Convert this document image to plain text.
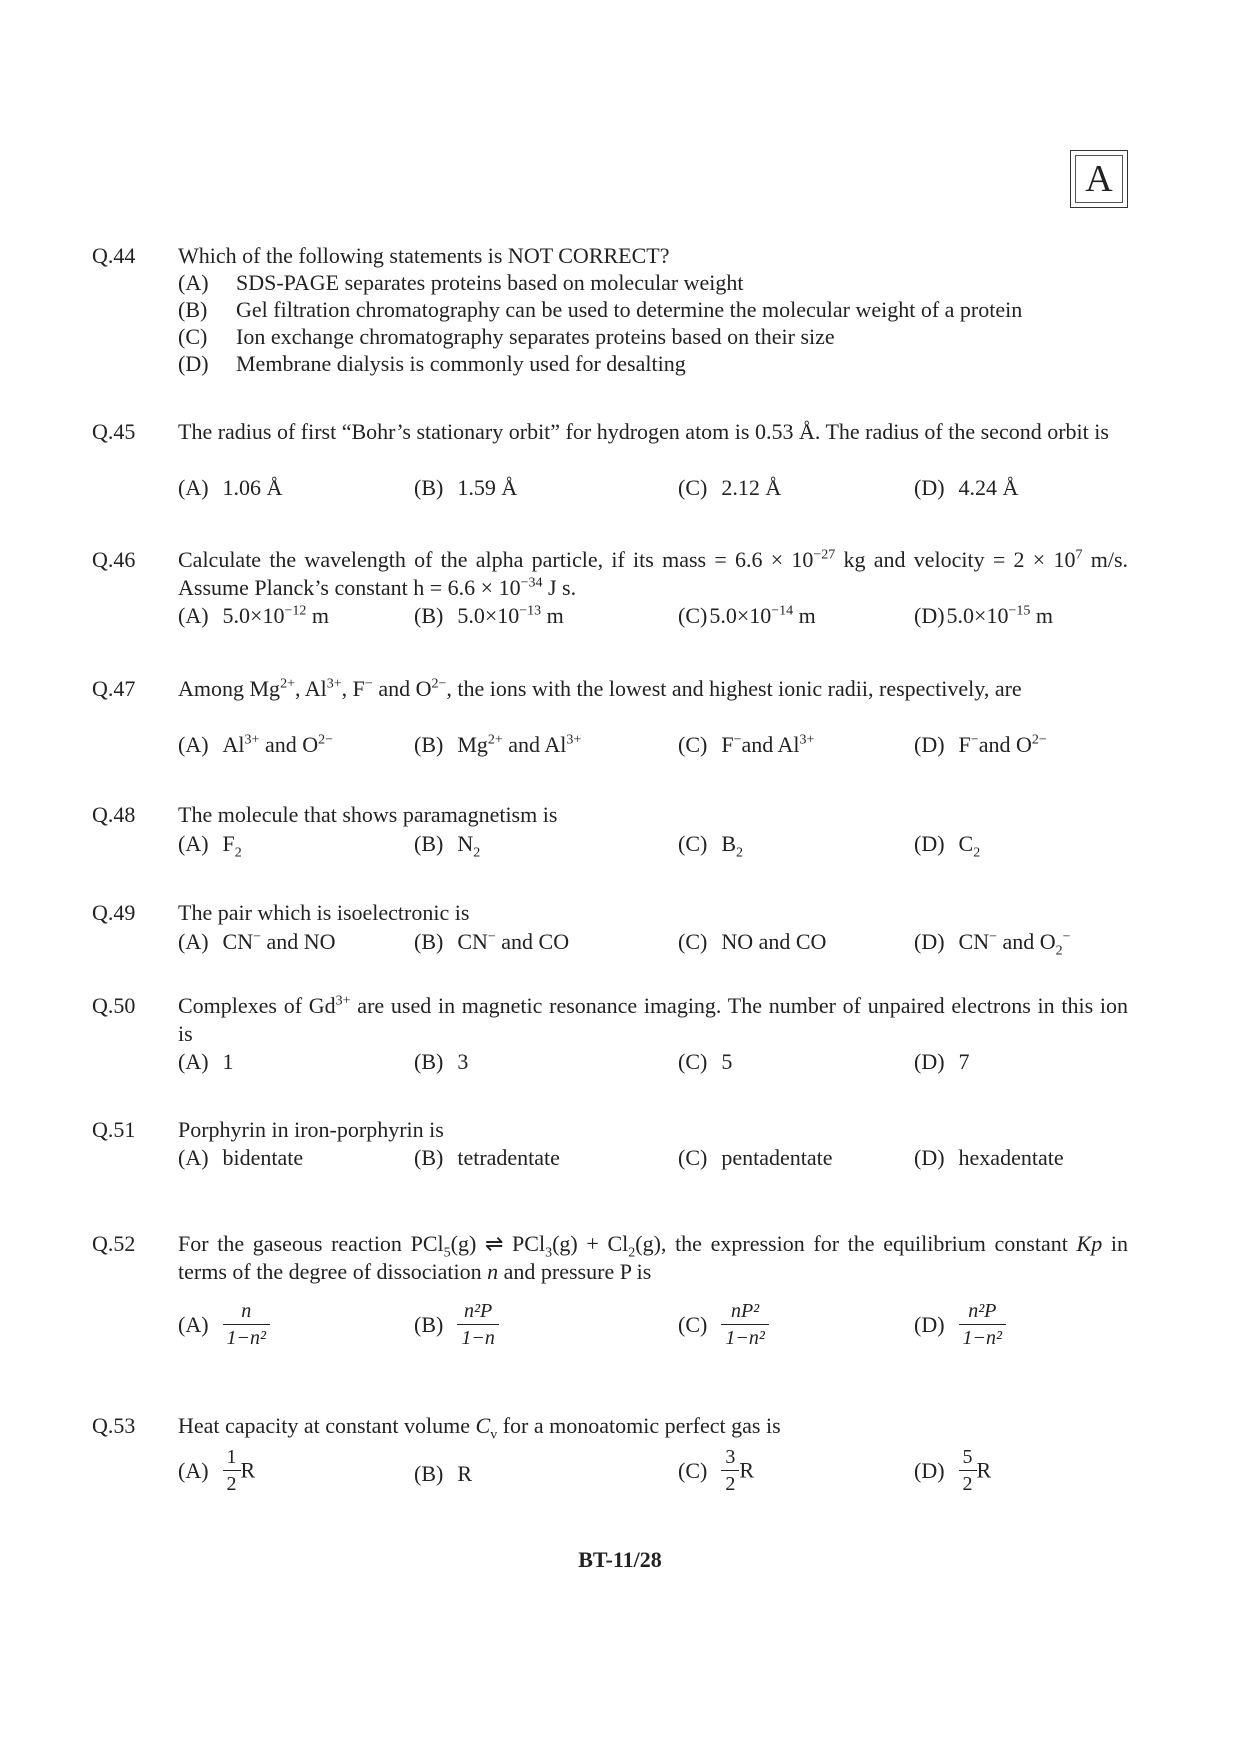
A
Q.44 Which of the following statements is NOT CORRECT?
(A) SDS-PAGE separates proteins based on molecular weight
(B) Gel filtration chromatography can be used to determine the molecular weight of a protein
(C) Ion exchange chromatography separates proteins based on their size
(D) Membrane dialysis is commonly used for desalting
Q.45 The radius of first “Bohr’s stationary orbit” for hydrogen atom is 0.53 Å. The radius of the second orbit is
(A) 1.06 Å	(B) 1.59 Å	(C) 2.12 Å	(D) 4.24 Å
Q.46 Calculate the wavelength of the alpha particle, if its mass = $6.6 \times 10^{-27}$ kg and velocity = $2 \times 10^7$ m/s. Assume Planck’s constant $h = 6.6 \times 10^{-34}$ J s.
(A) $5.0\times 10^{-12}$ m	(B) $5.0\times 10^{-13}$ m	$(C)5.0\times 10^{-14}$ m	$(D)5.0\times 10^{-15}$ m
Q.47 Among $Mg^{2+}$, $Al^{3+}$, F− and $O^{2-}$, the ions with the lowest and highest ionic radii, respectively, are
(A) $Al^{3+}$ and $O^{2-}$	(B) $Mg^{2+}$ and $Al^{3+}$	(C) F−and $Al^{3+}$	(D) F−and $O^{2-}$
Q.48 The molecule that shows paramagnetism is
(A) $F_2$	(B) $N_2$	(C) $B_2$	(D) $C_2$
Q.49 The pair which is isoelectronic is
(A) CN− and NO	(B) CN− and CO	(C) NO and CO	(D) CN− and $O_2^-$
Q.50 Complexes of $Gd^{3+}$ are used in magnetic resonance imaging. The number of unpaired electrons in this ion is
(A) 1	(B) 3	(C) 5	(D) 7
Q.51 Porphyrin in iron-porphyrin is
(A) bidentate	(B) tetradentate	(C) pentadentate	(D) hexadentate
Q.52 For the gaseous reaction PCl$_5$(g) ⇌ $PCl_3(g) + Cl_2(g)$, the expression for the equilibrium constant Kp in terms of the degree of dissociation n and pressure P is
$(A) \frac{n}{\text{1−n²}}$	$(B) \frac{\text{n²P}}{1-n}$	$(C) \frac{\text{nP²}}{\text{1−n²}}$	$(D) \frac{\text{n²P}}{\text{1−n²}}$
Q.53 Heat capacity at constant volume $C_v$ for a monoatomic perfect gas is
$(A) \frac{1}{2}$ R	(B) R	$(C) \frac{3}{2}$ R	$(D) \frac{5}{2}$ R
BT-11/28
